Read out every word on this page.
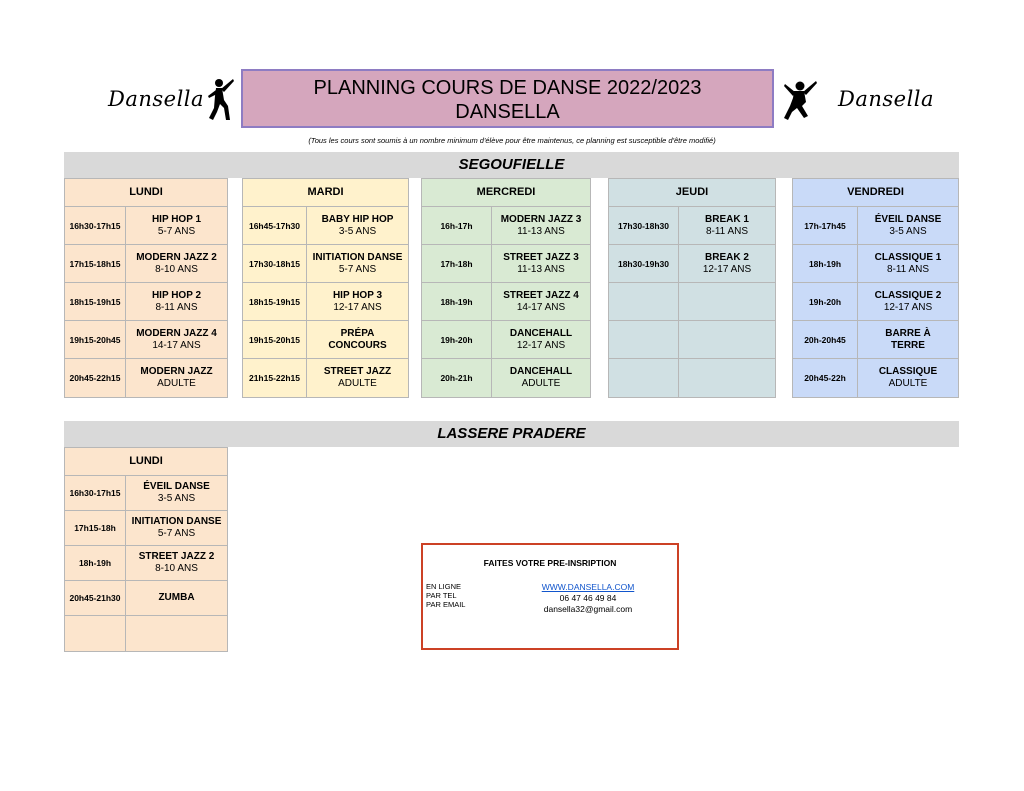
Dansella	PLANNING COURS DE DANSE 2022/2023
DANSELLA
Dansella
(Tous les cours sont soumis à un nombre minimum d'élève pour être maintenus, ce planning est susceptible d'être modifié)
SEGOUFIELLE
LUNDI
16h30-17h15
HIP HOP 1
5-7 ANS
17h15-18h15
MODERN JAZZ 2
8-10 ANS
18h15-19h15
HIP HOP 2
8-11 ANS
19h15-20h45
MODERN JAZZ 4
14-17 ANS
20h45-22h15
MODERN JAZZ
ADULTE
MARDI
16h45-17h30
BABY HIP HOP
3-5 ANS
17h30-18h15
INITIATION DANSE
5-7 ANS
18h15-19h15
HIP HOP 3
12-17 ANS
19h15-20h15
PRÉPA
CONCOURS
21h15-22h15
STREET JAZZ
ADULTE
MERCREDI
16h-17h
MODERN JAZZ 3
11-13 ANS
17h-18h
STREET JAZZ 3
11-13 ANS
18h-19h
STREET JAZZ 4
14-17 ANS
19h-20h
DANCEHALL
12-17 ANS
20h-21h
DANCEHALL
ADULTE
JEUDI
17h30-18h30
BREAK 1
8-11 ANS
18h30-19h30
BREAK 2
12-17 ANS
VENDREDI
17h-17h45
ÉVEIL DANSE
3-5 ANS
18h-19h
CLASSIQUE 1
8-11 ANS
19h-20h
CLASSIQUE 2
12-17 ANS
20h-20h45
BARRE À
TERRE
20h45-22h
CLASSIQUE
ADULTE
LASSERE PRADERE
LUNDI
16h30-17h15
ÉVEIL DANSE
3-5 ANS
17h15-18h
INITIATION DANSE
5-7 ANS
18h-19h
STREET JAZZ 2
8-10 ANS
20h45-21h30	ZUMBA
FAITES VOTRE PRE-INSRIPTION
EN LIGNE
PAR TEL
PAR EMAIL
WWW.DANSELLA.COM
06 47 46 49 84
dansella32@gmail.com
